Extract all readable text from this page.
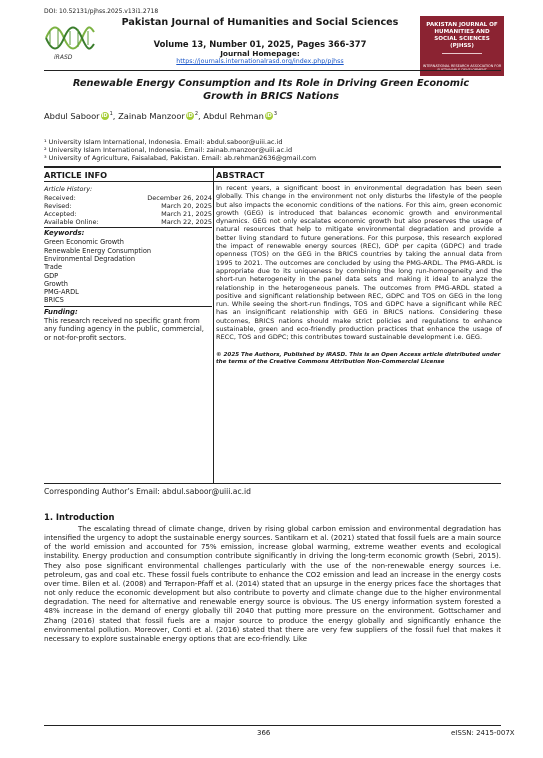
DOI: 10.52131/pjhss.2025.v13i1.2718
iRASD
Pakistan Journal of Humanities and Social Sciences
Volume 13, Number 01, 2025, Pages 366-377
Journal Homepage:
https://journals.internationalrasd.org/index.php/pjhss
PAKISTAN JOURNAL OF HUMANITIES AND SOCIAL SCIENCES (PJHSS)
INTERNATIONAL RESEARCH ASSOCIATION FOR
Renewable Energy Consumption and Its Role in Driving Green Economic Growth in BRICS Nations
Abdul Saboor iD $^1$, Zainab Manzoor iD $^2$, Abdul Rehman iD $^3$
¹ University Islam International, Indonesia. Email: abdul.saboor@uiii.ac.id
² University Islam International, Indonesia. Email: zainab.manzoor@uiii.ac.id
³ University of Agriculture, Faisalabad, Pakistan. Email: ab.rehman2636@gmail.com
ARTICLE INFO	ABSTRACT
Article History:
Received:	December 26, 2024
Revised:	March 20, 2025
Accepted:	March 21, 2025
Available Online:	March 22, 2025
Keywords:
Green Economic Growth
Renewable Energy Consumption
Environmental Degradation
Trade
GDP
Growth
PMG-ARDL
BRICS
Funding:
This research received no specific grant from any funding agency in the public, commercial, or not-for-profit sectors.
In recent years, a significant boost in environmental degradation has been seen globally. This change in the environment not only disturbs the lifestyle of the people but also impacts the economic conditions of the nations. For this aim, green economic growth (GEG) is introduced that balances economic growth and environmental dynamics. GEG not only escalates economic growth but also preserves the usage of natural resources that help to mitigate environmental degradation and provide a better living standard to future generations. For this purpose, this research explored the impact of renewable energy sources (REC), GDP per capita (GDPC) and trade openness (TOS) on the GEG in the BRICS countries by taking the annual data from 1995 to 2021. The outcomes are concluded by using the PMG-ARDL. The PMG-ARDL is appropriate due to its uniqueness by combining the long run-homogeneity and the short-run heterogeneity in the panel data sets and making it ideal to analyze the relationship in the heterogeneous panels. The outcomes from PMG-ARDL stated a positive and significant relationship between REC, GDPC and TOS on GEG in the long run. While seeing the short-run findings, TOS and GDPC have a significant while REC has an insignificant relationship with GEG in BRICS nations. Considering these outcomes, BRICS nations should make strict policies and regulations to enhance sustainable, green and eco-friendly production practices that enhance the usage of RECC, TOS and GDPC; this contributes toward sustainable development i.e. GEG.
© 2025 The Authors, Published by iRASD. This is an Open Access article distributed under the terms of the Creative Commons Attribution Non-Commercial License
Corresponding Author’s Email: abdul.saboor@uiii.ac.id
1. Introduction
The escalating thread of climate change, driven by rising global carbon emission and environmental degradation has intensified the urgency to adopt the sustainable energy sources. Santikarn et al. (2021) stated that fossil fuels are a main source of the world emission and accounted for 75% emission, increase global warming, extreme weather events and ecological instability. Energy production and consumption contribute significantly in driving the long-term economic growth (Sebri, 2015). They also pose significant environmental challenges particularly with the use of the non-renewable energy sources i.e. petroleum, gas and coal etc. These fossil fuels contribute to enhance the CO2 emission and lead an increase in the energy costs over time. Bilen et al. (2008) and Terrapon-Pfaff et al. (2014) stated that an upsurge in the energy prices face the shortages that not only reduce the economic development but also contribute to poverty and climate change due to the higher environmental degradation. The need for alternative and renewable energy source is obvious. The US energy information system forested a 48% increase in the demand of energy globally till 2040 that putting more pressure on the environment. Gottschamer and Zhang (2016) stated that fossil fuels are a major source to produce the energy globally and significantly enhance the environmental pollution. Moreover, Conti et al. (2016) stated that there are very few suppliers of the fossil fuel that makes it necessary to explore sustainable energy options that are eco-friendly. Like
366	eISSN: 2415-007X
